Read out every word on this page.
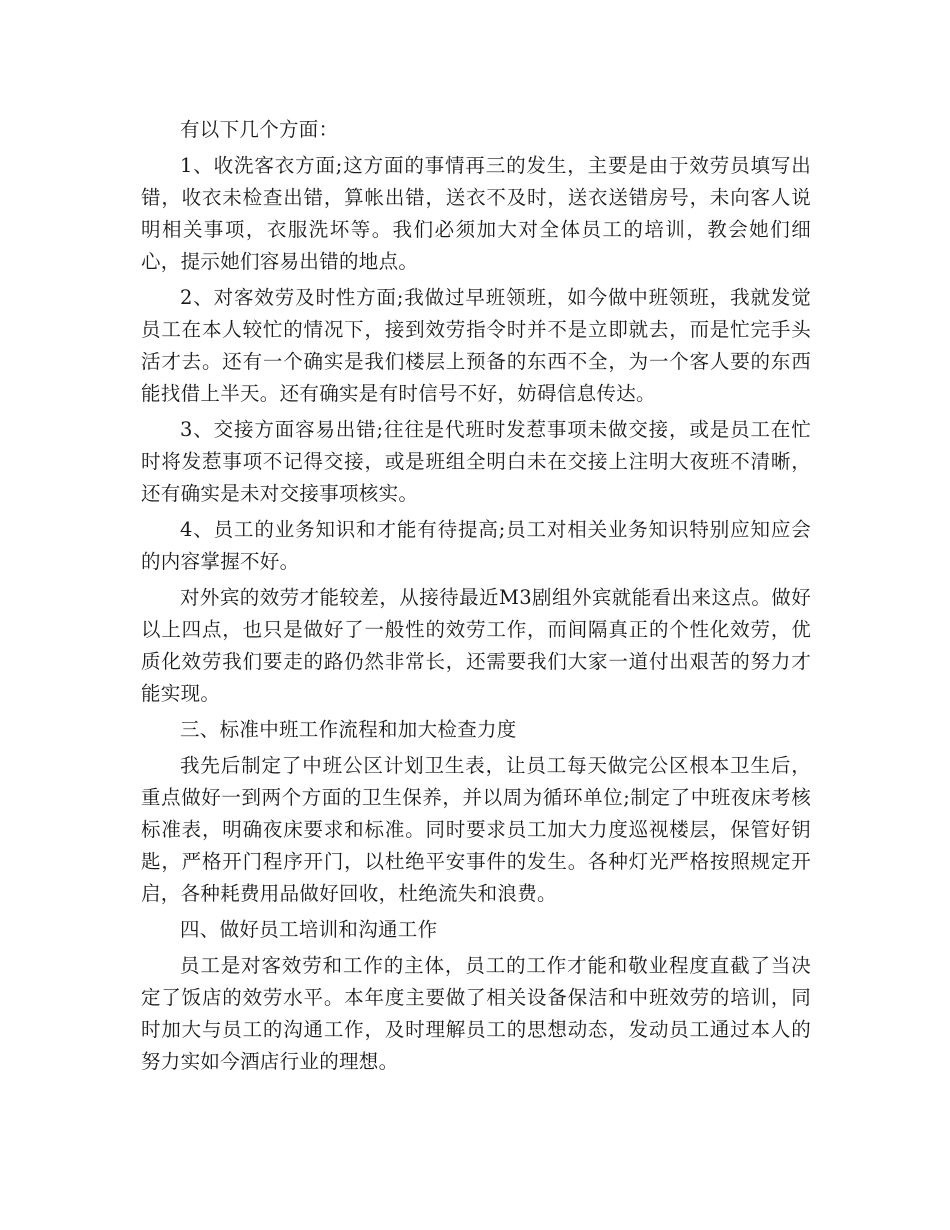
有以下几个方面：

1、收洗客衣方面;这方面的事情再三的发生，主要是由于效劳员填写出错，收衣未检查出错，算帐出错，送衣不及时，送衣送错房号，未向客人说明相关事项，衣服洗坏等。我们必须加大对全体员工的培训，教会她们细心，提示她们容易出错的地点。

2、对客效劳及时性方面;我做过早班领班，如今做中班领班，我就发觉员工在本人较忙的情况下，接到效劳指令时并不是立即就去，而是忙完手头活才去。还有一个确实是我们楼层上预备的东西不全，为一个客人要的东西能找借上半天。还有确实是有时信号不好，妨碍信息传达。

3、交接方面容易出错;往往是代班时发惹事项未做交接，或是员工在忙时将发惹事项不记得交接，或是班组全明白未在交接上注明大夜班不清晰，还有确实是未对交接事项核实。

4、员工的业务知识和才能有待提高;员工对相关业务知识特别应知应会的内容掌握不好。

对外宾的效劳才能较差，从接待最近M3剧组外宾就能看出来这点。做好以上四点，也只是做好了一般性的效劳工作，而间隔真正的个性化效劳，优质化效劳我们要走的路仍然非常长，还需要我们大家一道付出艰苦的努力才能实现。

三、标准中班工作流程和加大检查力度

我先后制定了中班公区计划卫生表，让员工每天做完公区根本卫生后，重点做好一到两个方面的卫生保养，并以周为循环单位;制定了中班夜床考核标准表，明确夜床要求和标准。同时要求员工加大力度巡视楼层，保管好钥匙，严格开门程序开门，以杜绝平安事件的发生。各种灯光严格按照规定开启，各种耗费用品做好回收，杜绝流失和浪费。

四、做好员工培训和沟通工作

员工是对客效劳和工作的主体，员工的工作才能和敬业程度直截了当决定了饭店的效劳水平。本年度主要做了相关设备保洁和中班效劳的培训，同时加大与员工的沟通工作，及时理解员工的思想动态，发动员工通过本人的努力实如今酒店行业的理想。
